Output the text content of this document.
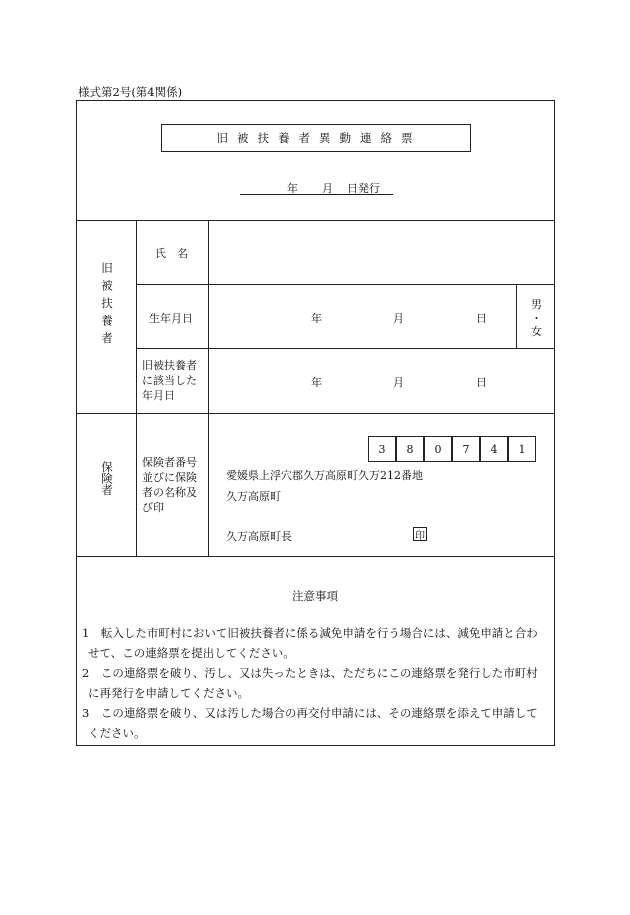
様式第2号(第4関係)
旧被扶養者異動連絡票
年 月 日発行
旧被扶養者
氏　名
生年月日	年	月	日
男
・
女
旧被扶養者
に該当した
年月日
年	月	日
保険者	保険者番号
並びに保険
者の名称及
び印
3	8	0	7	4	1
愛媛県上浮穴郡久万高原町久万212番地
久万高原町
久万高原町長	印
注意事項
1　転入した市町村において旧被扶養者に係る減免申請を行う場合には、減免申請と合わ
せて、この連絡票を提出してください。
2　この連絡票を破り、汚し、又は失ったときは、ただちにこの連絡票を発行した市町村
に再発行を申請してください。
3　この連絡票を破り、又は汚した場合の再交付申請には、その連絡票を添えて申請して
ください。
